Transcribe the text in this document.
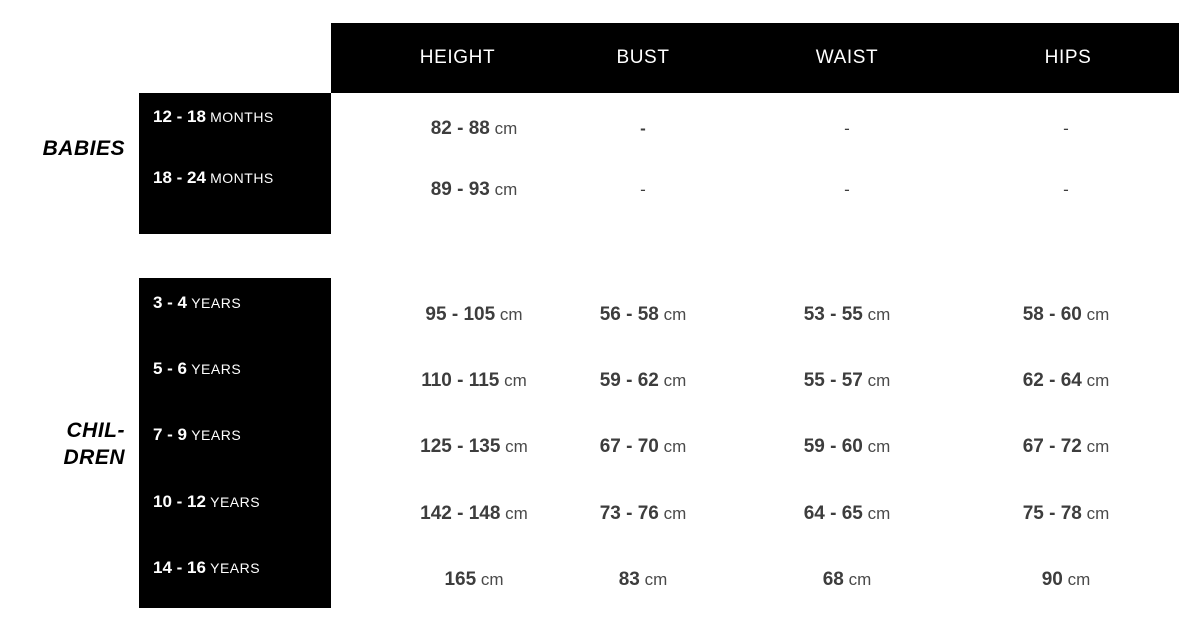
HEIGHT	BUST	WAIST	HIPS
BABIES
12 - 18 MONTHS
82 - 88 cm	-	-	-
18 - 24 MONTHS
89 - 93 cm	-	-	-
CHIL-
DREN
3 - 4 YEARS
95 - 105 cm	56 - 58 cm	53 - 55 cm	58 - 60 cm
5 - 6 YEARS
110 - 115 cm	59 - 62 cm	55 - 57 cm	62 - 64 cm
7 - 9 YEARS
125 - 135 cm	67 - 70 cm	59 - 60 cm	67 - 72 cm
10 - 12 YEARS
142 - 148 cm	73 - 76 cm	64 - 65 cm	75 - 78 cm
14 - 16 YEARS
165 cm	83 cm	68 cm	90 cm
